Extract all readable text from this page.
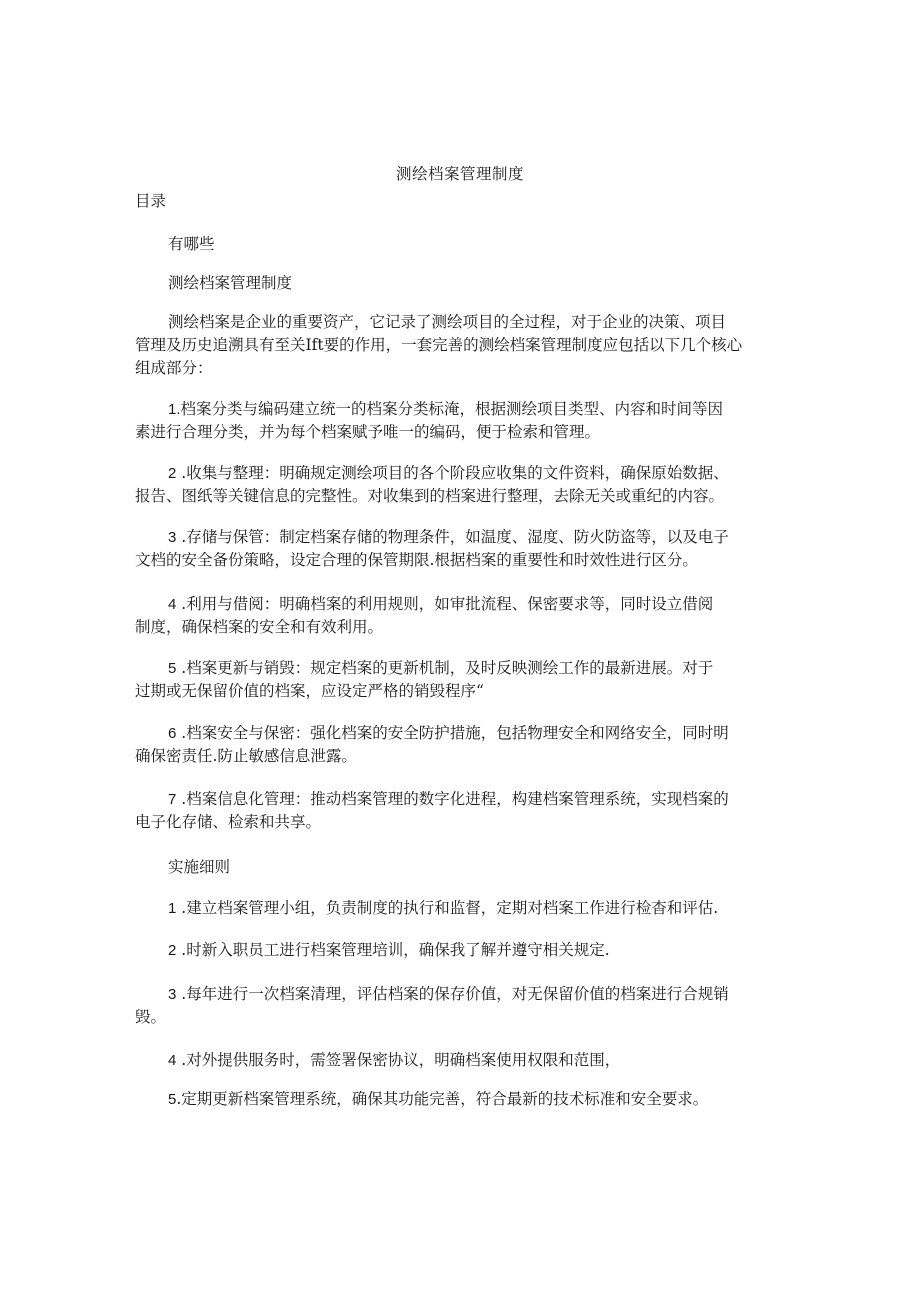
测绘档案管理制度
目录
有哪些
测绘档案管理制度
测绘档案是企业的重要资产，它记录了测绘项目的全过程，对于企业的决策、项目
管理及历史追溯具有至关Ift要的作用，一套完善的测绘档案管理制度应包括以下几个核心
组成部分：
1.档案分类与编码建立统一的档案分类标淹，根据测绘项目类型、内容和时间等因
素进行合理分类，并为每个档案赋予唯一的编码，便于检索和管理。
2 .收集与整理：明确规定测绘项目的各个阶段应收集的文件资料，确保原始数据、
报告、图纸等关键信息的完整性。对收集到的档案进行整理，去除无关或重纪的内容。
3 .存储与保管：制定档案存储的物理条件，如温度、湿度、防火防盗等，以及电子
文档的安全备份策略，设定合理的保管期限.根据档案的重要性和时效性进行区分。
4 .利用与借阅：明确档案的利用规则，如审批流程、保密要求等，同时设立借阅
制度，确保档案的安全和有效利用。
5 .档案更新与销毁：规定档案的更新机制，及时反映测绘工作的最新进展。对于
过期或无保留价值的档案，应设定严格的销毁程序“
6 .档案安全与保密：强化档案的安全防护措施，包括物理安全和网络安全，同时明
确保密责任.防止敏感信息泄露。
7 .档案信息化管理：推动档案管理的数字化进程，构建档案管理系统，实现档案的
电子化存储、检索和共享。
实施细则
1 .建立档案管理小组，负责制度的执行和监督，定期对档案工作进行检杳和评估.
2 .时新入职员工进行档案管理培训，确保我了解并遵守相关规定.
3 .每年进行一次档案清理，评估档案的保存价值，对无保留价值的档案进行合规销
毁。
4 .对外提供服务时，需签署保密协议，明确档案使用权限和范围，
5.定期更新档案管理系统，确保其功能完善，符合最新的技术标准和安全要求。
